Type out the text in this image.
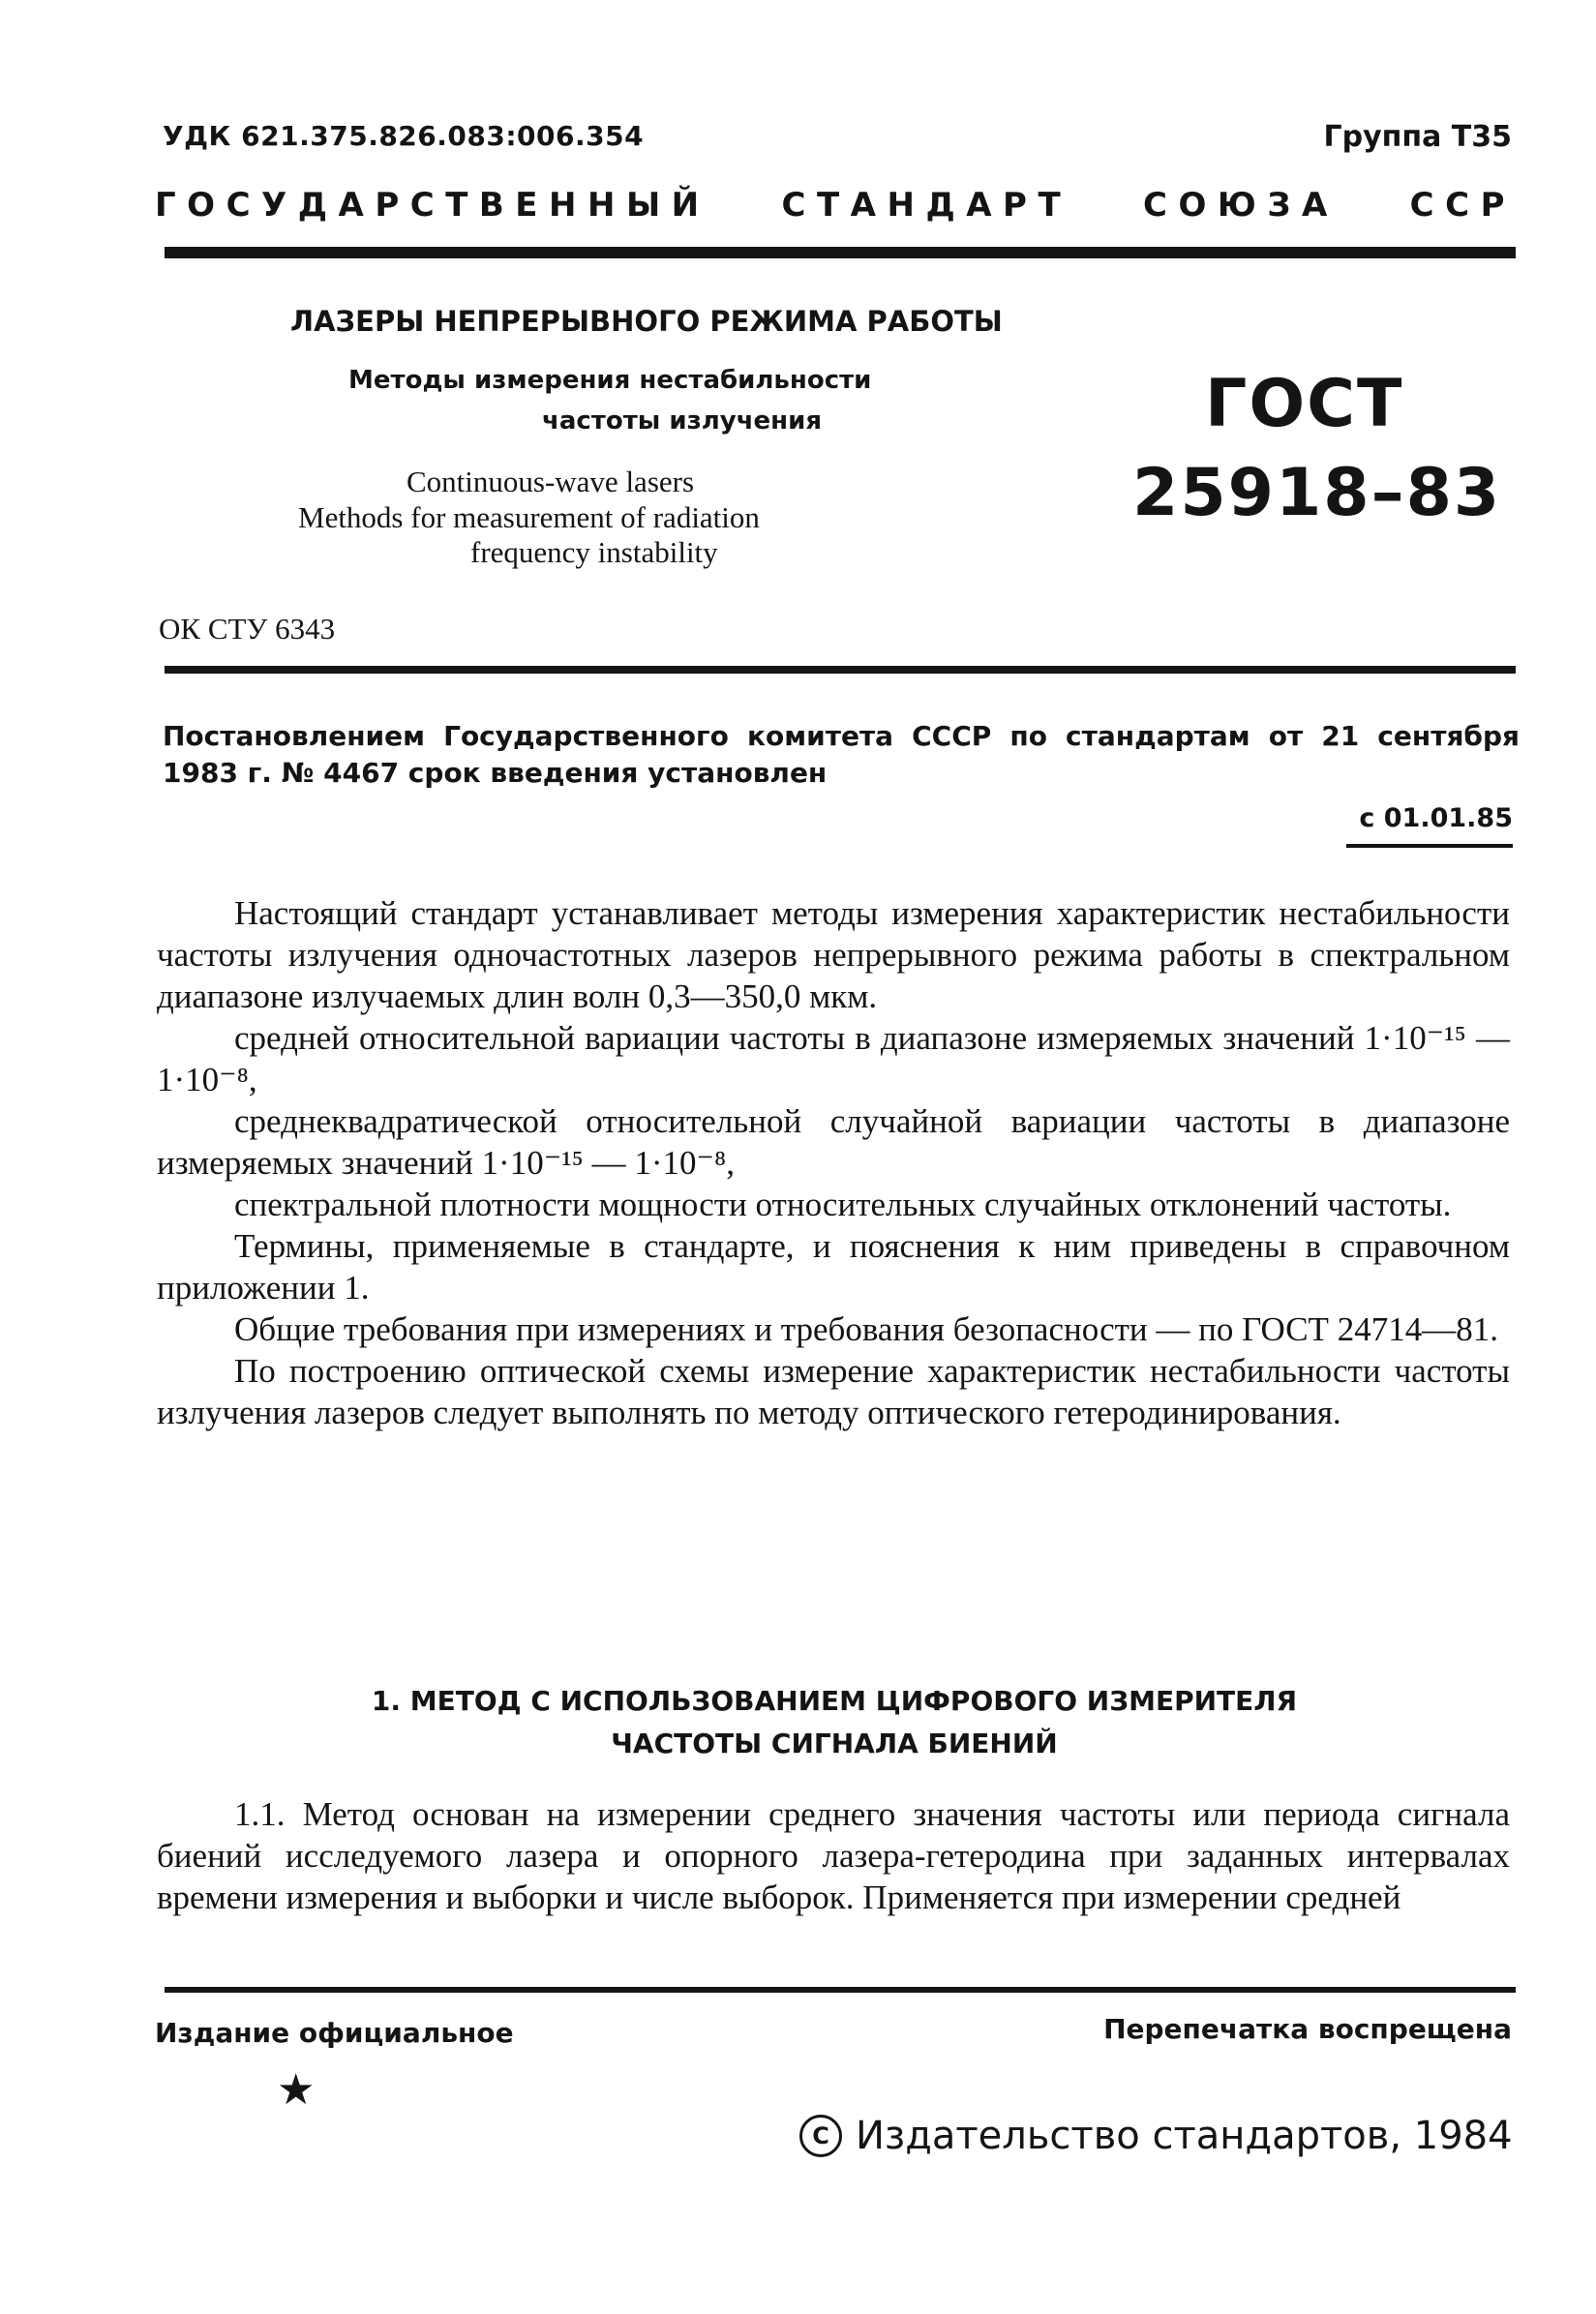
УДК 621.375.826.083:006.354	Группа Т35
ГОСУДАРСТВЕННЫЙ СТАНДАРТ СОЮЗА ССР
ЛАЗЕРЫ НЕПРЕРЫВНОГО РЕЖИМА РАБОТЫ
Методы измерения нестабильности
частоты излучения
Continuous-wave lasers
Methods for measurement of radiation
frequency instability
ГОСТ
25918–83
ОК СТУ 6343
Постановлением Государственного комитета СССР по стандартам от 21 сентября 1983 г. № 4467 срок введения установлен
с 01.01.85

Настоящий стандарт устанавливает методы измерения характеристик нестабильности частоты излучения одночастотных лазеров непрерывного режима работы в спектральном диапазоне излучаемых длин волн 0,3—350,0 мкм.

средней относительной вариации частоты в диапазоне измеряемых значений 1·10⁻¹⁵ — 1·10⁻⁸,

среднеквадратической относительной случайной вариации частоты в диапазоне измеряемых значений 1·10⁻¹⁵ — 1·10⁻⁸,

спектральной плотности мощности относительных случайных отклонений частоты.

Термины, применяемые в стандарте, и пояснения к ним приведены в справочном приложении 1.

Общие требования при измерениях и требования безопасности — по ГОСТ 24714—81.

По построению оптической схемы измерение характеристик нестабильности частоты излучения лазеров следует выполнять по методу оптического гетеродинирования.

1. МЕТОД С ИСПОЛЬЗОВАНИЕМ ЦИФРОВОГО ИЗМЕРИТЕЛЯ
ЧАСТОТЫ СИГНАЛА БИЕНИЙ

1.1. Метод основан на измерении среднего значения частоты или периода сигнала биений исследуемого лазера и опорного лазера-гетеродина при заданных интервалах времени измерения и выборки и числе выборок. Применяется при измерении средней

Издание официальное	Перепечатка воспрещена
★
C Издательство стандартов, 1984
